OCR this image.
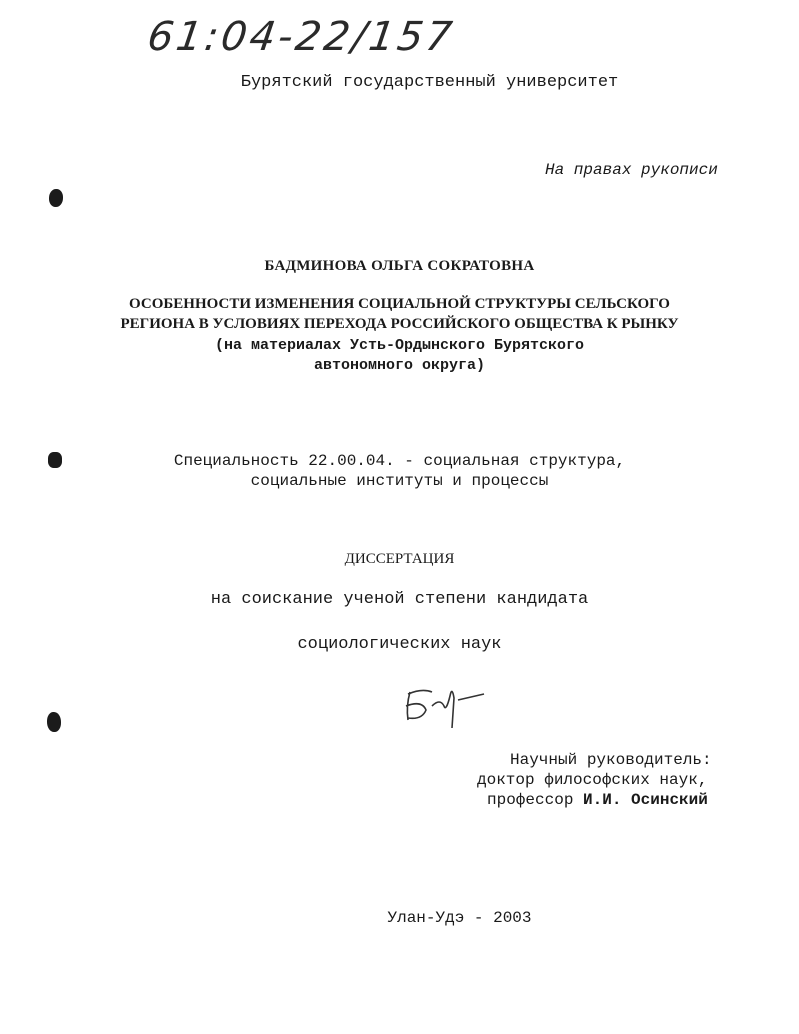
61:04-22/157
Бурятский государственный университет
На правах рукописи
БАДМИНОВА ОЛЬГА СОКРАТОВНА
ОСОБЕННОСТИ ИЗМЕНЕНИЯ СОЦИАЛЬНОЙ СТРУКТУРЫ СЕЛЬСКОГО
РЕГИОНА В УСЛОВИЯХ ПЕРЕХОДА РОССИЙСКОГО ОБЩЕСТВА К РЫНКУ
(на материалах Усть-Ордынского Бурятского
автономного округа)
Специальность 22.00.04. - социальная структура,
социальные институты и процессы
ДИССЕРТАЦИЯ
на соискание ученой степени кандидата
социологических наук
Научный руководитель:
доктор философских наук,
профессор И.И. Осинский
Улан-Удэ - 2003
